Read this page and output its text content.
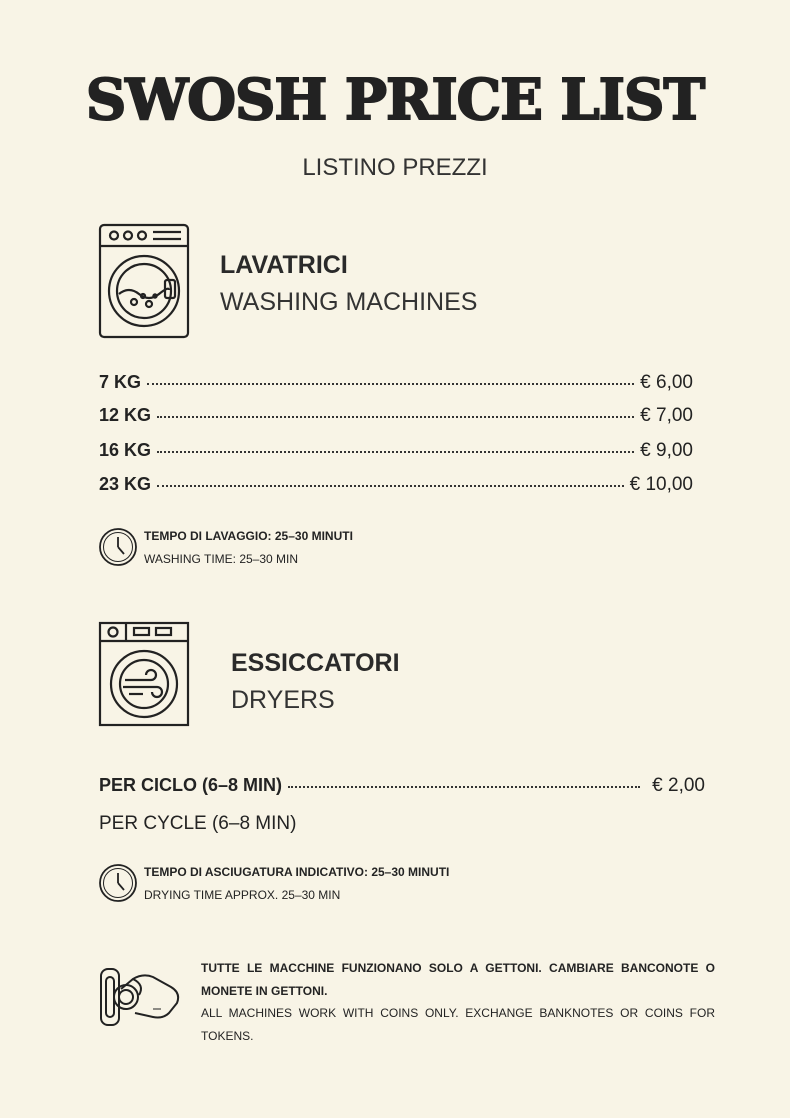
SWOSH PRICE LIST
LISTINO PREZZI
LAVATRICI
WASHING MACHINES
7 KG	€ 6,00
12 KG	€ 7,00
16 KG	€ 9,00
23 KG	€ 10,00
TEMPO DI LAVAGGIO: 25–30 MINUTI
WASHING TIME: 25–30 MIN
ESSICCATORI
DRYERS
PER CICLO (6–8 MIN)	€ 2,00
PER CYCLE (6–8 MIN)
TEMPO DI ASCIUGATURA INDICATIVO: 25–30 MINUTI
DRYING TIME APPROX. 25–30 MIN
TUTTE LE MACCHINE FUNZIONANO SOLO A GETTONI. CAMBIARE BANCONOTE O MONETE IN GETTONI.
ALL MACHINES WORK WITH COINS ONLY. EXCHANGE BANKNOTES OR COINS FOR TOKENS.
